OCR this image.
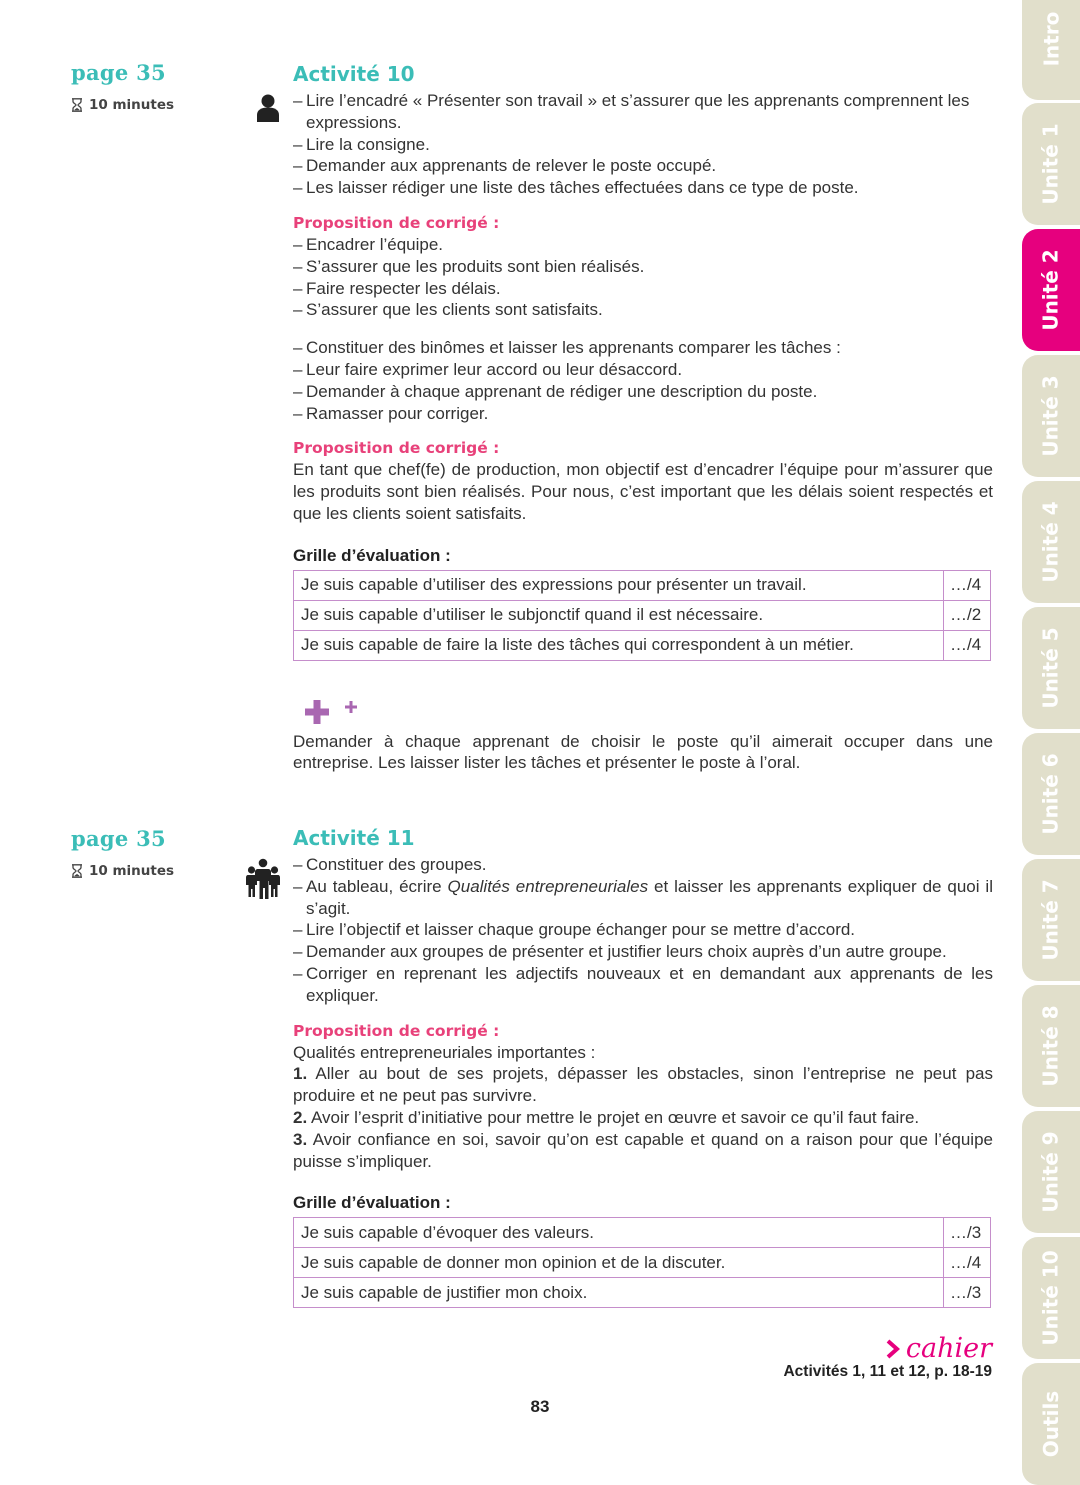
page 35
10 minutes
Activité 10
– Lire l’encadré « Présenter son travail » et s’assurer que les apprenants comprennent les expressions.
– Lire la consigne.
– Demander aux apprenants de relever le poste occupé.
– Les laisser rédiger une liste des tâches effectuées dans ce type de poste.
Proposition de corrigé :
– Encadrer l’équipe.
– S’assurer que les produits sont bien réalisés.
– Faire respecter les délais.
– S’assurer que les clients sont satisfaits.
– Constituer des binômes et laisser les apprenants comparer les tâches :
– Leur faire exprimer leur accord ou leur désaccord.
– Demander à chaque apprenant de rédiger une description du poste.
– Ramasser pour corriger.
Proposition de corrigé :
En tant que chef(fe) de production, mon objectif est d’encadrer l’équipe pour m’assurer que les produits sont bien réalisés. Pour nous, c’est important que les délais soient respectés et que les clients soient satisfaits.
Grille d’évaluation :
Je suis capable d’utiliser des expressions pour présenter un travail.	…/4
Je suis capable d’utiliser le subjonctif quand il est nécessaire.	…/2
Je suis capable de faire la liste des tâches qui correspondent à un métier.	…/4
Demander à chaque apprenant de choisir le poste qu’il aimerait occuper dans une entreprise. Les laisser lister les tâches et présenter le poste à l’oral.
page 35
10 minutes
Activité 11
– Constituer des groupes.
– Au tableau, écrire Qualités entrepreneuriales et laisser les apprenants expliquer de quoi il s’agit.
– Lire l’objectif et laisser chaque groupe échanger pour se mettre d’accord.
– Demander aux groupes de présenter et justifier leurs choix auprès d’un autre groupe.
– Corriger en reprenant les adjectifs nouveaux et en demandant aux apprenants de les expliquer.
Proposition de corrigé :
Qualités entrepreneuriales importantes :
1. Aller au bout de ses projets, dépasser les obstacles, sinon l’entreprise ne peut pas produire et ne peut pas survivre.
2. Avoir l’esprit d’initiative pour mettre le projet en œuvre et savoir ce qu’il faut faire.
3. Avoir confiance en soi, savoir qu’on est capable et quand on a raison pour que l’équipe puisse s’impliquer.
Grille d’évaluation :
Je suis capable d’évoquer des valeurs.	…/3
Je suis capable de donner mon opinion et de la discuter.	…/4
Je suis capable de justifier mon choix.	…/3
cahier
Activités 1, 11 et 12, p. 18-19
83
Intro
Unité 1
Unité 2
Unité 3
Unité 4
Unité 5
Unité 6
Unité 7
Unité 8
Unité 9
Unité 10
Outils
